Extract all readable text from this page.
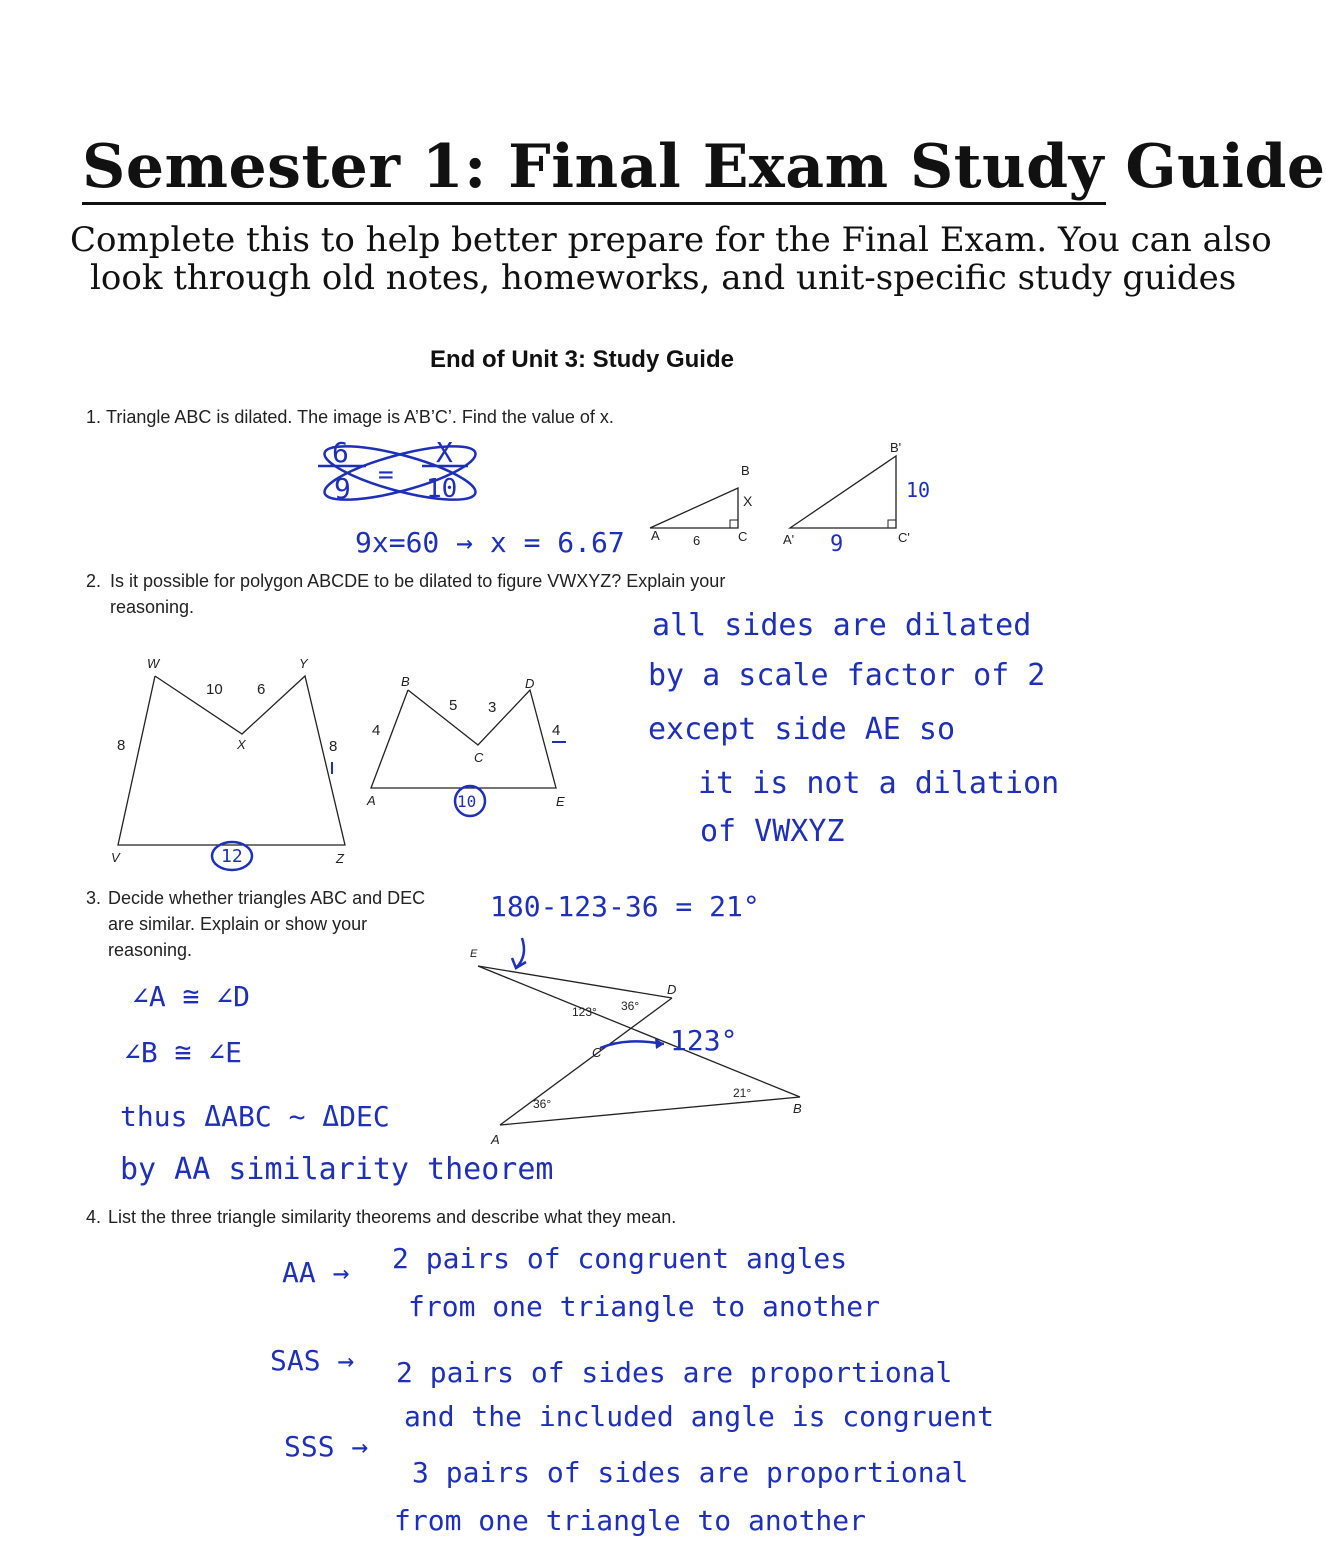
Semester 1: Final Exam Study Guide
Complete this to help better prepare for the Final Exam. You can also
look through old notes, homeworks, and unit-specific study guides
End of Unit 3: Study Guide
1. Triangle ABC is dilated. The image is A’B’C’. Find the value of x.
B
X
A	6	C
B'
10
A' 9	C'
6	X
9 = 10
9x=60 → x = 6.67
2. Is it possible for polygon ABCDE to be dilated to figure VWXYZ? Explain your
reasoning.
W	Y
10 6
X
8	8
V	12	Z
B	D
5 3
4	4
C
A	10	E
all sides are dilated
by a scale factor of 2
except side AE so
it is not a dilation
of VWXYZ
3. Decide whether triangles ABC and DEC
are similar. Explain or show your
reasoning.	E
D
123° 36°
C
36°
21°
B
A
180-123-36 = 21°
123°
∠A ≅ ∠D
∠B ≅ ∠E
thus ΔABC ~ ΔDEC
by AA similarity theorem
4. List the three triangle similarity theorems and describe what they mean.
AA → 2 pairs of congruent angles
from one triangle to another
SAS → 2 pairs of sides are proportional
and the included angle is congruent
SSS →
3 pairs of sides are proportional
from one triangle to another
